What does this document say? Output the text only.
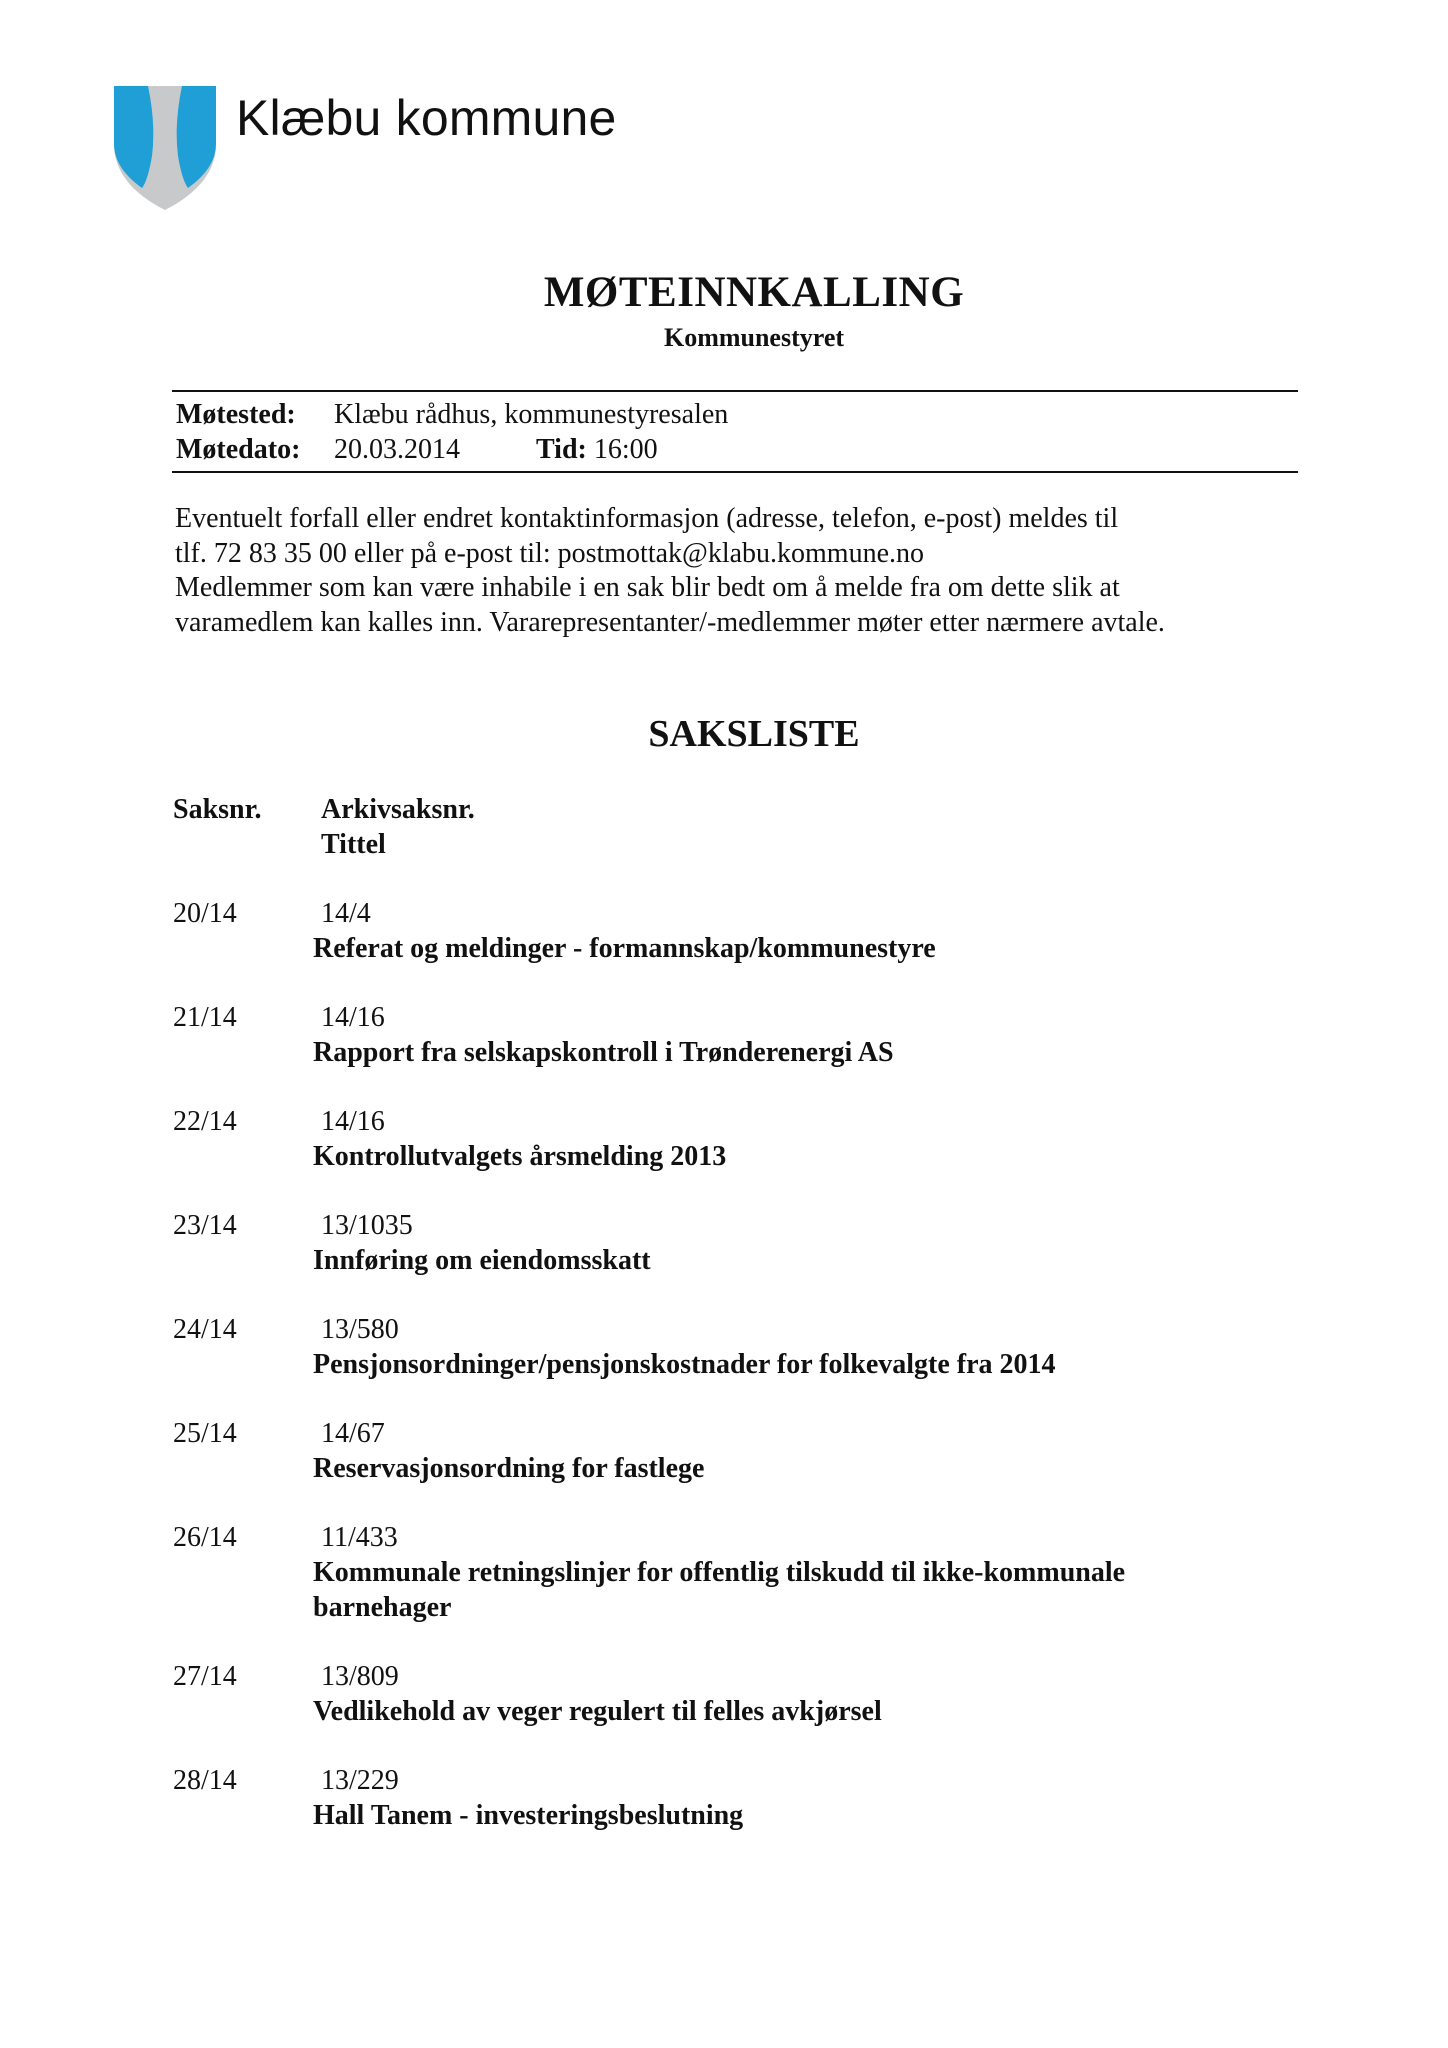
Klæbu kommune
MØTEINNKALLING
Kommunestyret
Møtested:	Klæbu rådhus, kommunestyresalen
Møtedato:	20.03.2014	Tid: 16:00
Eventuelt forfall eller endret kontaktinformasjon (adresse, telefon, e-post) meldes til
tlf. 72 83 35 00 eller på e-post til: postmottak@klabu.kommune.no
Medlemmer som kan være inhabile i en sak blir bedt om å melde fra om dette slik at
varamedlem kan kalles inn. Vararepresentanter/-medlemmer møter etter nærmere avtale.
SAKSLISTE
Saksnr. Arkivsaksnr.
Tittel
20/14	14/4
Referat og meldinger - formannskap/kommunestyre
21/14	14/16
Rapport fra selskapskontroll i Trønderenergi AS
22/14	14/16
Kontrollutvalgets årsmelding 2013
23/14	13/1035
Innføring om eiendomsskatt
24/14	13/580
Pensjonsordninger/pensjonskostnader for folkevalgte fra 2014
25/14	14/67
Reservasjonsordning for fastlege
26/14	11/433
Kommunale retningslinjer for offentlig tilskudd til ikke-kommunale barnehager
27/14	13/809
Vedlikehold av veger regulert til felles avkjørsel
28/14	13/229
Hall Tanem - investeringsbeslutning
